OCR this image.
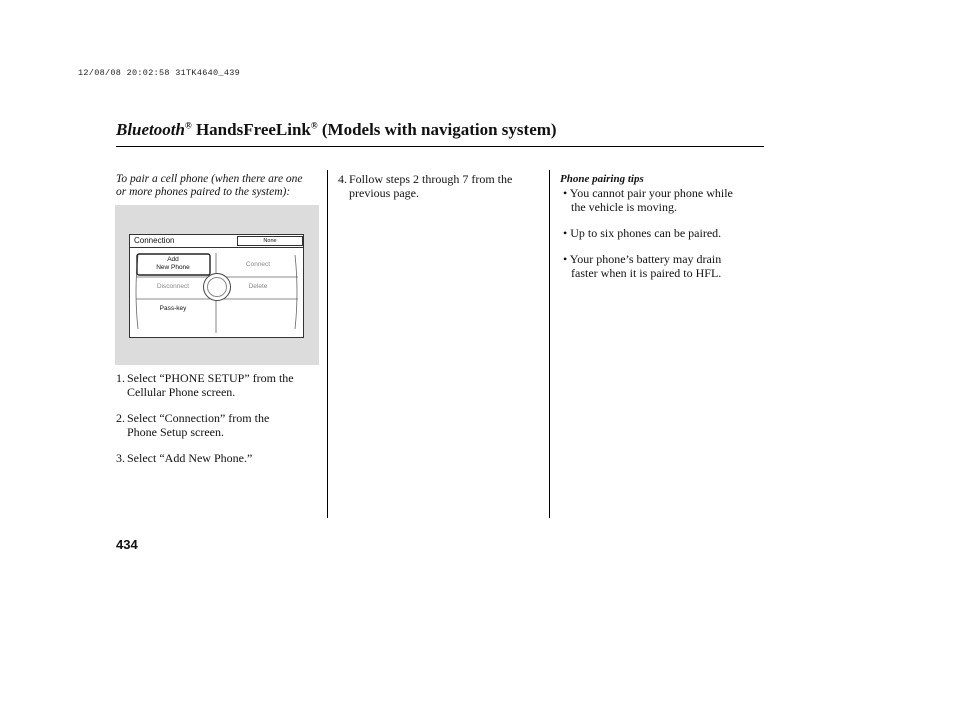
12/08/08 20:02:58 31TK4640_439
Bluetooth® HandsFreeLink® (Models with navigation system)
To pair a cell phone (when there are one
or more phones paired to the system):
Connection	None
Add
New Phone	Connect
Disconnect	Delete
Pass-key
1. Select “PHONE SETUP” from the
Cellular Phone screen.
2. Select “Connection” from the
Phone Setup screen.
3. Select “Add New Phone.”
4. Follow steps 2 through 7 from the
previous page.
Phone pairing tips
• You cannot pair your phone while
the vehicle is moving.
• Up to six phones can be paired.
• Your phone’s battery may drain
faster when it is paired to HFL.
434
